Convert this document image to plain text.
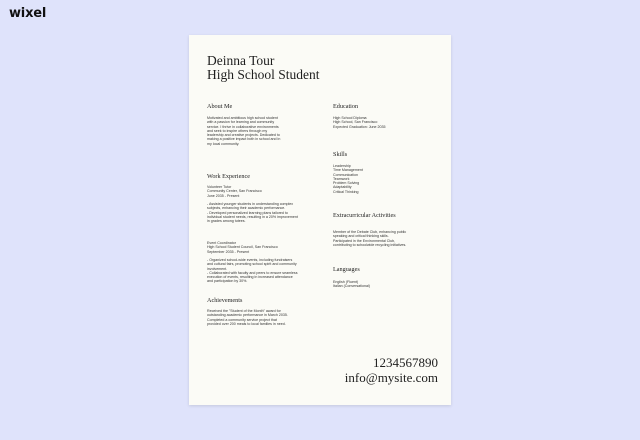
wixel
Deinna Tour
High School Student
About Me
Motivated and ambitious high school student
with a passion for learning and community
service. I thrive in collaborative environments
and seek to inspire others through my
leadership and creative projects. Dedicated to
making a positive impact both in school and in
my local community.
Work Experience
Volunteer Tutor
Community Center, San Francisco
June 2035 - Present
- Assisted younger students in understanding complex
subjects, enhancing their academic performance.
- Developed personalized learning plans tailored to
individual student needs, resulting in a 20% improvement
in grades among tutees.
Event Coordinator
High School Student Council, San Francisco
September 2035 - Present
- Organized school-wide events, including fundraisers
and cultural fairs, promoting school spirit and community
involvement.
- Collaborated with faculty and peers to ensure seamless
execution of events, resulting in increased attendance
and participation by 30%.
Achievements
Received the "Student of the Month" award for
outstanding academic performance in March 2035.
Completed a community service project that
provided over 200 meals to local families in need.
Education
High School Diploma
High School, San Francisco
Expected Graduation: June 2035
Skills
Leadership
Time Management
Communication
Teamwork
Problem Solving
Adaptability
Critical Thinking
Extracurricular Activities
Member of the Debate Club, enhancing public
speaking and critical thinking skills.
Participated in the Environmental Club,
contributing to schoolwide recycling initiatives.
Languages
English (Fluent)
Italian (Conversational)
1234567890
info@mysite.com
